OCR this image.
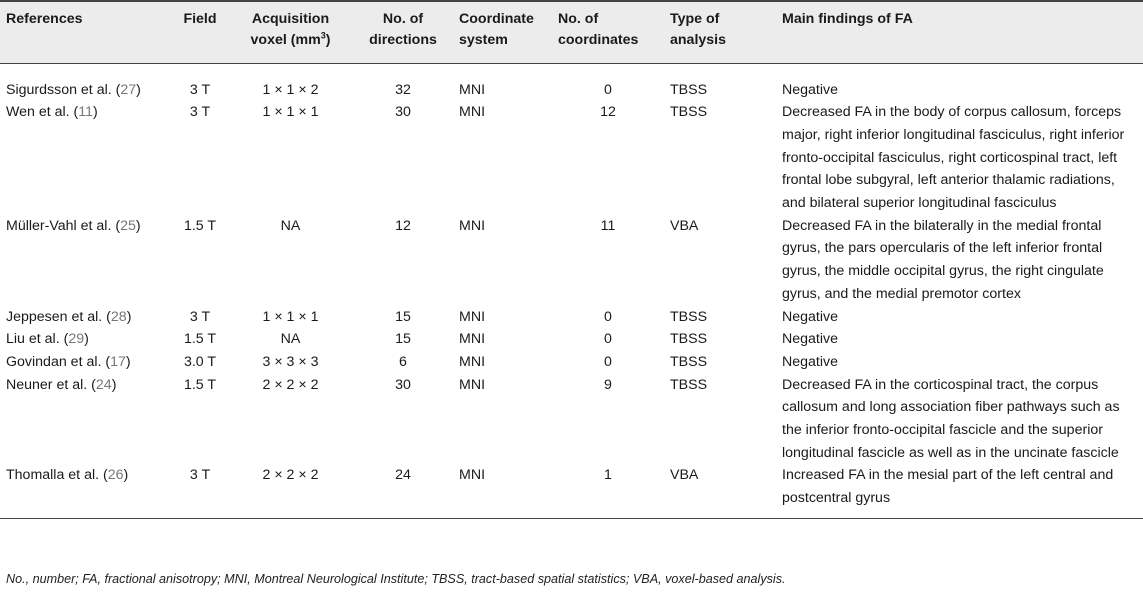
References	Field	Acquisition voxel $(mm^3)$	No. of directions	Coordinate system	No. of coordinates	Type of analysis	Main findings of FA
Sigurdsson et al. (27)	3 T	1 × 1 × 2	32	MNI	0	TBSS	Negative
Wen et al. (11)	3 T	1 × 1 × 1	30	MNI	12	TBSS	Decreased FA in the body of corpus callosum, forceps major, right inferior longitudinal fasciculus, right inferior fronto-occipital fasciculus, right corticospinal tract, left frontal lobe subgyral, left anterior thalamic radiations, and bilateral superior longitudinal fasciculus
Müller-Vahl et al. (25)	1.5 T	NA	12	MNI	11	VBA	Decreased FA in the bilaterally in the medial frontal gyrus, the pars opercularis of the left inferior frontal gyrus, the middle occipital gyrus, the right cingulate gyrus, and the medial premotor cortex
Jeppesen et al. (28)	3 T	1 × 1 × 1	15	MNI	0	TBSS	Negative
Liu et al. (29)	1.5 T	NA	15	MNI	0	TBSS	Negative
Govindan et al. (17)	3.0 T	3 × 3 × 3	6	MNI	0	TBSS	Negative
Neuner et al. (24)	1.5 T	2 × 2 × 2	30	MNI	9	TBSS	Decreased FA in the corticospinal tract, the corpus callosum and long association fiber pathways such as the inferior fronto-occipital fascicle and the superior longitudinal fascicle as well as in the uncinate fascicle
Thomalla et al. (26)	3 T	2 × 2 × 2	24	MNI	1	VBA	Increased FA in the mesial part of the left central and postcentral gyrus
No., number; FA, fractional anisotropy; MNI, Montreal Neurological Institute; TBSS, tract-based spatial statistics; VBA, voxel-based analysis.
